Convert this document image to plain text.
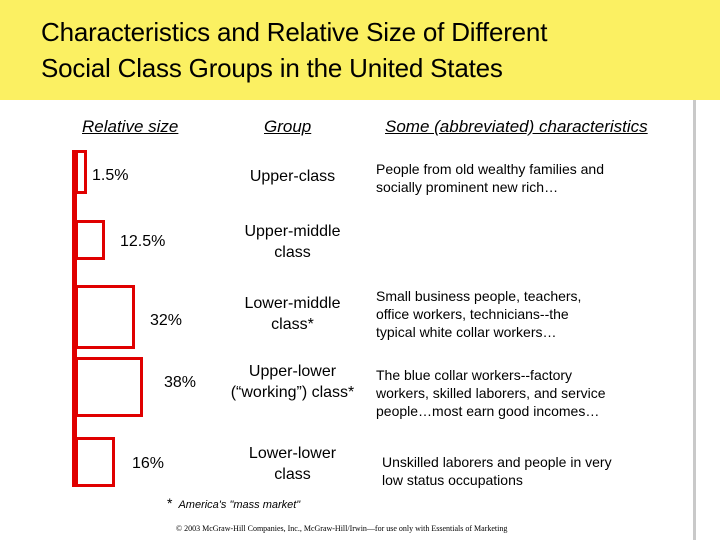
Characteristics and Relative Size of Different
Social Class Groups in the United States
Relative size	Group	Some (abbreviated) characteristics
1.5%
12.5%
32%
38%
16%
Upper-class
Upper-middle
class
Lower-middle
class*
Upper-lower
(“working”) class*
Lower-lower
class
People from old wealthy families and
socially prominent new rich…
Small business people, teachers,
office workers, technicians--the
typical white collar workers…
The blue collar workers--factory
workers, skilled laborers, and service
people…most earn good incomes…
Unskilled laborers and people in very
low status occupations
* America's "mass market"
© 2003 McGraw-Hill Companies, Inc., McGraw-Hill/Irwin—for use only with Essentials of Marketing
